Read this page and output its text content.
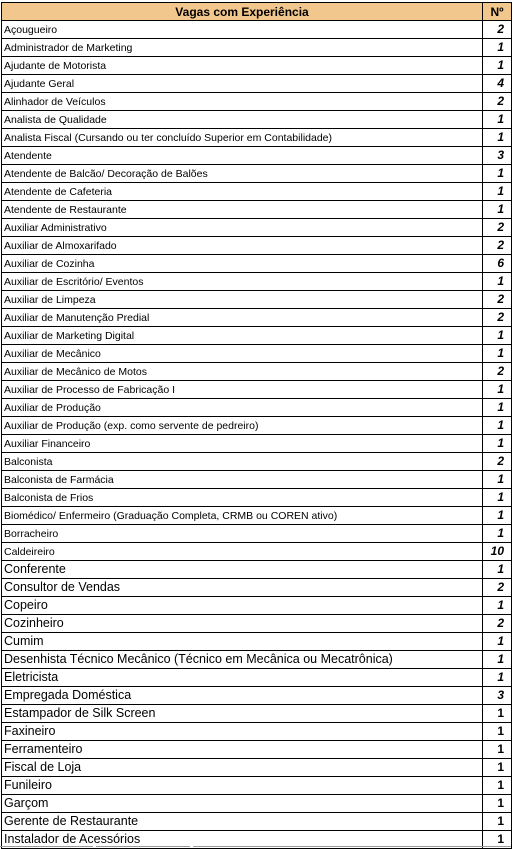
Vagas com Experiência	Nº
Açougueiro	2
Administrador de Marketing	1
Ajudante de Motorista	1
Ajudante Geral	4
Alinhador de Veículos	2
Analista de Qualidade	1
Analista Fiscal (Cursando ou ter concluído Superior em Contabilidade)	1
Atendente	3
Atendente de Balcão/ Decoração de Balões	1
Atendente de Cafeteria	1
Atendente de Restaurante	1
Auxiliar Administrativo	2
Auxiliar de Almoxarifado	2
Auxiliar de Cozinha	6
Auxiliar de Escritório/ Eventos	1
Auxiliar de Limpeza	2
Auxiliar de Manutenção Predial	2
Auxiliar de Marketing Digital	1
Auxiliar de Mecânico	1
Auxiliar de Mecânico de Motos	2
Auxiliar de Processo de Fabricação I	1
Auxiliar de Produção	1
Auxiliar de Produção (exp. como servente de pedreiro)	1
Auxiliar Financeiro	1
Balconista	2
Balconista de Farmácia	1
Balconista de Frios	1
Biomédico/ Enfermeiro (Graduação Completa, CRMB ou COREN ativo)	1
Borracheiro	1
Caldeireiro	10
Conferente	1
Consultor de Vendas	2
Copeiro	1
Cozinheiro	2
Cumim	1
Desenhista Técnico Mecânico (Técnico em Mecânica ou Mecatrônica)	1
Eletricista	1
Empregada Doméstica	3
Estampador de Silk Screen	1
Faxineiro	1
Ferramenteiro	1
Fiscal de Loja	1
Funileiro	1
Garçom	1
Gerente de Restaurante	1
Instalador de Acessórios	1
